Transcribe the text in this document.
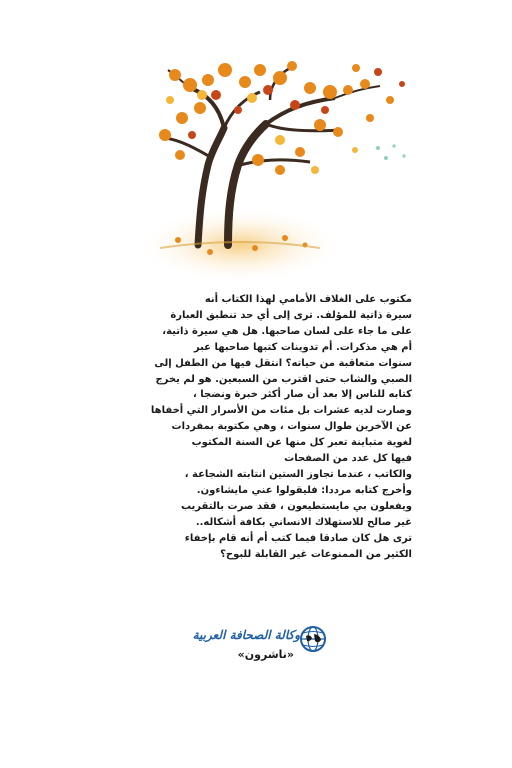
مكتوب على الغلاف الأمامي لهذا الكتاب أنه
سيرة ذاتية للمؤلف. ترى إلى أي حد تنطبق العبارة
على ما جاء على لسان صاحبها. هل هي سيرة ذاتية،
أم هي مذكرات. أم تدوينات كتبها صاحبها عبر
سنوات متعاقبة من حياته؟ انتقل فيها من الطفل إلى
الصبي والشاب حتى اقترب من السبعين. هو لم يخرج
كتابه للناس إلا بعد أن صار أكثر خبرة ونضجا ،
وصارت لديه عشرات بل مئات من الأسرار التي أخفاها
عن الآخرين طوال سنوات ، وهي مكتوبة بمفردات
لغوية متباينة تعبر كل منها عن السنة المكتوب
فيها كل عدد من الصفحات
والكاتب ، عندما تجاوز الستين انتابته الشجاعة ،
وأخرج كتابه مرددا: فليقولوا عني مايشاءون.
ويفعلون بي مايستطيعون ، فقد صرت بالتقريب
غير صالح للاستهلاك الانساني بكافة أشكاله..
ترى هل كان صادقا فيما كتب أم أنه قام بإخفاء
الكثير من الممنوعات غير القابلة للبوح؟
وكالة الصحافة العربية
«ناشرون»
